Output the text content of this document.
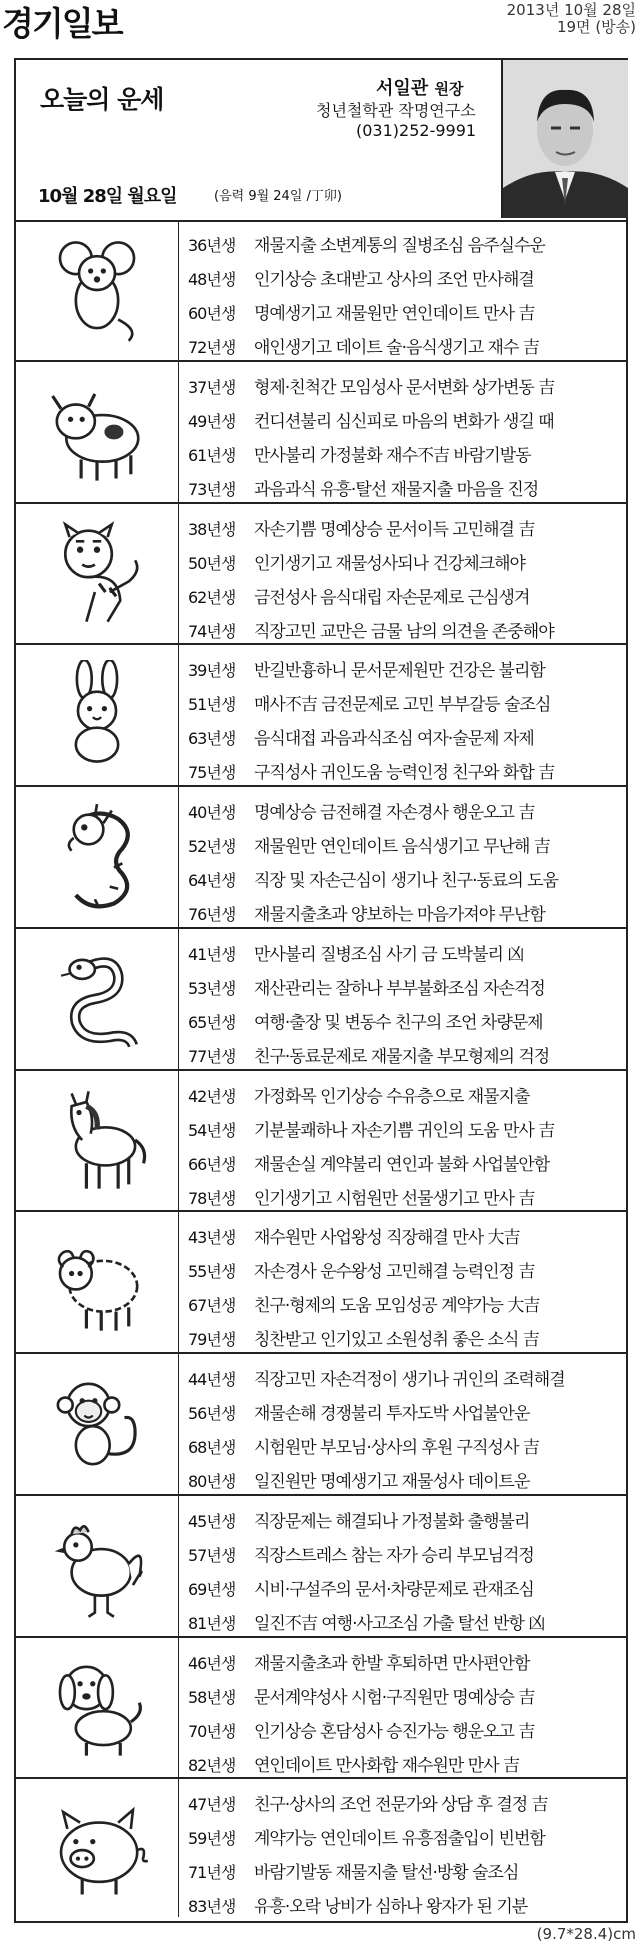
경기일보	2013년 10월 28일
19면 (방송)
오늘의 운세	서일관 원장
청년철학관 작명연구소
(031)252-9991
10월 28일 월요일	(음력 9월 24일 /丁卯)
36년생 재물지출 소변계통의 질병조심 음주실수운
48년생 인기상승 초대받고 상사의 조언 만사해결
60년생 명예생기고 재물원만 연인데이트 만사 吉
72년생 애인생기고 데이트 술·음식생기고 재수 吉
37년생 형제·친척간 모임성사 문서변화 상가변동 吉
49년생 컨디션불리 심신피로 마음의 변화가 생길 때
61년생 만사불리 가정불화 재수不吉 바람기발동
73년생 과음과식 유흥·탈선 재물지출 마음을 진정
38년생 자손기쁨 명예상승 문서이득 고민해결 吉
50년생 인기생기고 재물성사되나 건강체크해야
62년생 금전성사 음식대립 자손문제로 근심생겨
74년생 직장고민 교만은 금물 남의 의견을 존중해야
39년생 반길반흉하니 문서문제원만 건강은 불리함
51년생 매사不吉 금전문제로 고민 부부갈등 술조심
63년생 음식대접 과음과식조심 여자·술문제 자제
75년생 구직성사 귀인도움 능력인정 친구와 화합 吉
40년생 명예상승 금전해결 자손경사 행운오고 吉
52년생 재물원만 연인데이트 음식생기고 무난해 吉
64년생 직장 및 자손근심이 생기나 친구·동료의 도움
76년생 재물지출초과 양보하는 마음가져야 무난함
41년생 만사불리 질병조심 사기 금 도박불리 凶
53년생 재산관리는 잘하나 부부불화조심 자손걱정
65년생 여행·출장 및 변동수 친구의 조언 차량문제
77년생 친구·동료문제로 재물지출 부모형제의 걱정
42년생 가정화목 인기상승 수유층으로 재물지출
54년생 기분불쾌하나 자손기쁨 귀인의 도움 만사 吉
66년생 재물손실 계약불리 연인과 불화 사업불안함
78년생 인기생기고 시험원만 선물생기고 만사 吉
43년생 재수원만 사업왕성 직장해결 만사 大吉
55년생 자손경사 운수왕성 고민해결 능력인정 吉
67년생 친구·형제의 도움 모임성공 계약가능 大吉
79년생 칭찬받고 인기있고 소원성취 좋은 소식 吉
44년생 직장고민 자손걱정이 생기나 귀인의 조력해결
56년생 재물손해 경쟁불리 투자도박 사업불안운
68년생 시험원만 부모님·상사의 후원 구직성사 吉
80년생 일진원만 명예생기고 재물성사 데이트운
45년생 직장문제는 해결되나 가정불화 출행불리
57년생 직장스트레스 참는 자가 승리 부모님걱정
69년생 시비·구설주의 문서·차량문제로 관재조심
81년생 일진不吉 여행·사고조심 가출 탈선 반항 凶
46년생 재물지출초과 한발 후퇴하면 만사편안함
58년생 문서계약성사 시험·구직원만 명예상승 吉
70년생 인기상승 혼담성사 승진가능 행운오고 吉
82년생 연인데이트 만사화합 재수원만 만사 吉
47년생 친구·상사의 조언 전문가와 상담 후 결정 吉
59년생 계약가능 연인데이트 유흥점출입이 빈번함
71년생 바람기발동 재물지출 탈선·방황 술조심
83년생 유흥·오락 낭비가 심하나 왕자가 된 기분
(9.7*28.4)cm
